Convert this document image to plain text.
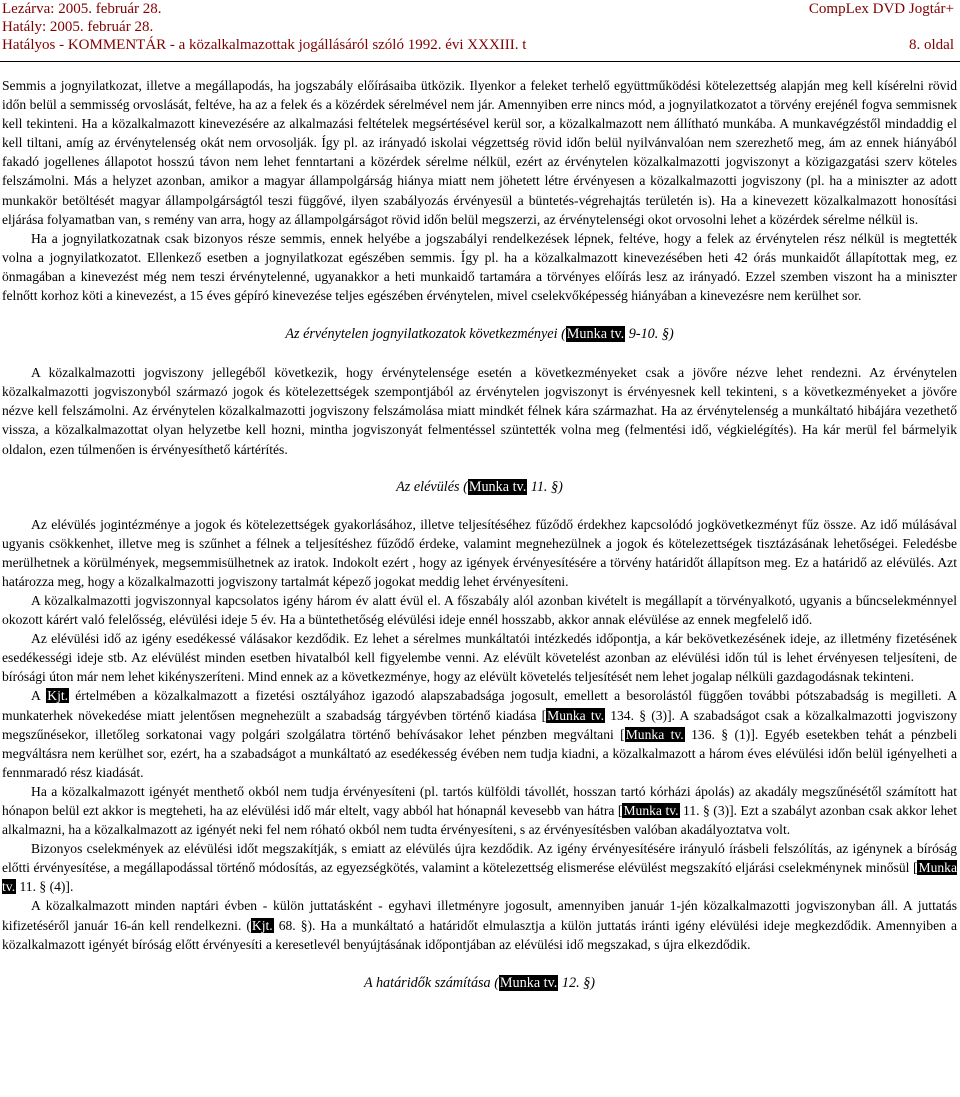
Lezárva: 2005. február 28.	CompLex DVD Jogtár+
Hatály: 2005. február 28.
Hatályos - KOMMENTÁR - a közalkalmazottak jogállásáról szóló 1992. évi XXXIII. t	8. oldal

Semmis a jognyilatkozat, illetve a megállapodás, ha jogszabály előírásaiba ütközik. Ilyenkor a feleket terhelő együttműködési kötelezettség alapján meg kell kísérelni rövid időn belül a semmisség orvoslását, feltéve, ha az a felek és a közérdek sérelmével nem jár. Amennyiben erre nincs mód, a jognyilatkozatot a törvény erejénél fogva semmisnek kell tekinteni. Ha a közalkalmazott kinevezésére az alkalmazási feltételek megsértésével kerül sor, a közalkalmazott nem állítható munkába. A munkavégzéstől mindaddig el kell tiltani, amíg az érvénytelenség okát nem orvosolják. Így pl. az irányadó iskolai végzettség rövid időn belül nyilvánvalóan nem szerezhető meg, ám az ennek hiányából fakadó jogellenes állapotot hosszú távon nem lehet fenntartani a közérdek sérelme nélkül, ezért az érvénytelen közalkalmazotti jogviszonyt a közigazgatási szerv köteles felszámolni. Más a helyzet azonban, amikor a magyar állampolgárság hiánya miatt nem jöhetett létre érvényesen a közalkalmazotti jogviszony (pl. ha a miniszter az adott munkakör betöltését magyar állampolgárságtól teszi függővé, ilyen szabályozás érvényesül a büntetés-végrehajtás területén is). Ha a kinevezett közalkalmazott honosítási eljárása folyamatban van, s remény van arra, hogy az állampolgárságot rövid időn belül megszerzi, az érvénytelenségi okot orvosolni lehet a közérdek sérelme nélkül is.

Ha a jognyilatkozatnak csak bizonyos része semmis, ennek helyébe a jogszabályi rendelkezések lépnek, feltéve, hogy a felek az érvénytelen rész nélkül is megtették volna a jognyilatkozatot. Ellenkező esetben a jognyilatkozat egészében semmis. Így pl. ha a közalkalmazott kinevezésében heti 42 órás munkaidőt állapítottak meg, ez önmagában a kinevezést még nem teszi érvénytelenné, ugyanakkor a heti munkaidő tartamára a törvényes előírás lesz az irányadó. Ezzel szemben viszont ha a miniszter felnőtt korhoz köti a kinevezést, a 15 éves gépíró kinevezése teljes egészében érvénytelen, mivel cselekvőképesség hiányában a kinevezésre nem kerülhet sor.

Az érvénytelen jognyilatkozatok következményei (Munka tv. 9-10. §)

A közalkalmazotti jogviszony jellegéből következik, hogy érvénytelensége esetén a következményeket csak a jövőre nézve lehet rendezni. Az érvénytelen közalkalmazotti jogviszonyból származó jogok és kötelezettségek szempontjából az érvénytelen jogviszonyt is érvényesnek kell tekinteni, s a következményeket a jövőre nézve kell felszámolni. Az érvénytelen közalkalmazotti jogviszony felszámolása miatt mindkét félnek kára származhat. Ha az érvénytelenség a munkáltató hibájára vezethető vissza, a közalkalmazottat olyan helyzetbe kell hozni, mintha jogviszonyát felmentéssel szüntették volna meg (felmentési idő, végkielégítés). Ha kár merül fel bármelyik oldalon, ezen túlmenően is érvényesíthető kártérítés.

Az elévülés (Munka tv. 11. §)

Az elévülés jogintézménye a jogok és kötelezettségek gyakorlásához, illetve teljesítéséhez fűződő érdekhez kapcsolódó jogkövetkezményt fűz össze. Az idő múlásával ugyanis csökkenhet, illetve meg is szűnhet a félnek a teljesítéshez fűződő érdeke, valamint megnehezülnek a jogok és kötelezettségek tisztázásának lehetőségei. Feledésbe merülhetnek a körülmények, megsemmisülhetnek az iratok. Indokolt ezért , hogy az igények érvényesítésére a törvény határidőt állapítson meg. Ez a határidő az elévülés. Azt határozza meg, hogy a közalkalmazotti jogviszony tartalmát képező jogokat meddig lehet érvényesíteni.

A közalkalmazotti jogviszonnyal kapcsolatos igény három év alatt évül el. A főszabály alól azonban kivételt is megállapít a törvényalkotó, ugyanis a bűncselekménnyel okozott kárért való felelősség, elévülési ideje 5 év. Ha a büntethetőség elévülési ideje ennél hosszabb, akkor annak elévülése az ennek megfelelő idő.

Az elévülési idő az igény esedékessé válásakor kezdődik. Ez lehet a sérelmes munkáltatói intézkedés időpontja, a kár bekövetkezésének ideje, az illetmény fizetésének esedékességi ideje stb. Az elévülést minden esetben hivatalból kell figyelembe venni. Az elévült követelést azonban az elévülési időn túl is lehet érvényesen teljesíteni, de bírósági úton már nem lehet kikényszeríteni. Mind ennek az a következménye, hogy az elévült követelés teljesítését nem lehet jogalap nélküli gazdagodásnak tekinteni.

A Kjt. értelmében a közalkalmazott a fizetési osztályához igazodó alapszabadsága jogosult, emellett a besorolástól függően további pótszabadság is megilleti. A munkaterhek növekedése miatt jelentősen megnehezült a szabadság tárgyévben történő kiadása [Munka tv. 134. § (3)]. A szabadságot csak a közalkalmazotti jogviszony megszűnésekor, illetőleg sorkatonai vagy polgári szolgálatra történő behívásakor lehet pénzben megváltani [Munka tv. 136. § (1)]. Egyéb esetekben tehát a pénzbeli megváltásra nem kerülhet sor, ezért, ha a szabadságot a munkáltató az esedékesség évében nem tudja kiadni, a közalkalmazott a három éves elévülési időn belül igényelheti a fennmaradó rész kiadását.

Ha a közalkalmazott igényét menthető okból nem tudja érvényesíteni (pl. tartós külföldi távollét, hosszan tartó kórházi ápolás) az akadály megszűnésétől számított hat hónapon belül ezt akkor is megteheti, ha az elévülési idő már eltelt, vagy abból hat hónapnál kevesebb van hátra [Munka tv. 11. § (3)]. Ezt a szabályt azonban csak akkor lehet alkalmazni, ha a közalkalmazott az igényét neki fel nem róható okból nem tudta érvényesíteni, s az érvényesítésben valóban akadályoztatva volt.

Bizonyos cselekmények az elévülési időt megszakítják, s emiatt az elévülés újra kezdődik. Az igény érvényesítésére irányuló írásbeli felszólítás, az igénynek a bíróság előtti érvényesítése, a megállapodással történő módosítás, az egyezségkötés, valamint a kötelezettség elismerése elévülést megszakító eljárási cselekménynek minősül [Munka tv. 11. § (4)].

A közalkalmazott minden naptári évben - külön juttatásként - egyhavi illetményre jogosult, amennyiben január 1-jén közalkalmazotti jogviszonyban áll. A juttatás kifizetéséről január 16-án kell rendelkezni. (Kjt. 68. §). Ha a munkáltató a határidőt elmulasztja a külön juttatás iránti igény elévülési ideje megkezdődik. Amennyiben a közalkalmazott igényét bíróság előtt érvényesíti a keresetlevél benyújtásának időpontjában az elévülési idő megszakad, s újra elkezdődik.

A határidők számítása (Munka tv. 12. §)
